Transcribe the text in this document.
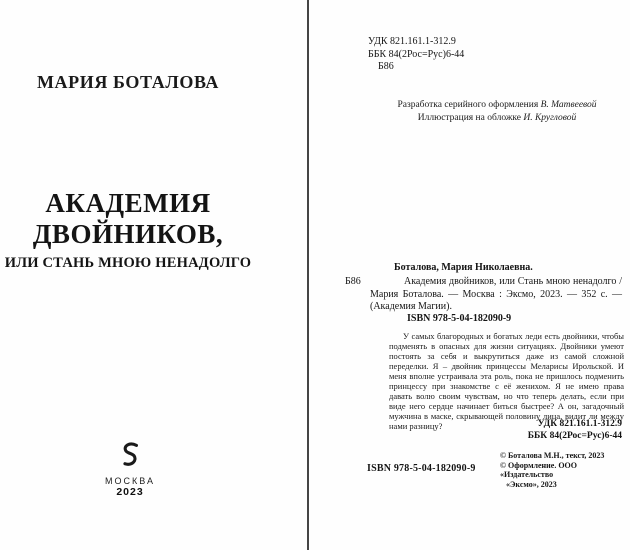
МАРИЯ БОТАЛОВА
АКАДЕМИЯ
ДВОЙНИКОВ,
ИЛИ СТАНЬ МНОЮ НЕНАДОЛГО
МОСКВА
2023
УДК 821.161.1-312.9
ББК 84(2Рос=Рус)6-44
Б86
Разработка серийного оформления В. Матвеевой
Иллюстрация на обложке И. Кругловой
Боталова, Мария Николаевна.
Б86	Академия двойников, или Стань мною ненадолго / Мария Боталова. — Москва : Эксмо, 2023. — 352 с. — (Академия Магии).
ISBN 978-5-04-182090-9
У самых благородных и богатых леди есть двойники, чтобы подменять в опасных для жизни ситуациях. Двойники умеют постоять за себя и выкрутиться даже из самой сложной переделки. Я – двойник принцессы Меларисы Ирольской. И меня вполне устраивала эта роль, пока не пришлось подменить принцессу при знакомстве с её женихом. Я не имею права давать волю своим чувствам, но что теперь делать, если при виде него сердце начинает биться быстрее? А он, загадочный мужчина в маске, скрывающей половину лица, видит ли между нами разницу?	УДК 821.161.1-312.9
ББК 84(2Рос=Рус)6-44
© Боталова М.Н., текст, 2023
© Оформление. ООО «Издательство
«Эксмо», 2023
ISBN 978-5-04-182090-9
